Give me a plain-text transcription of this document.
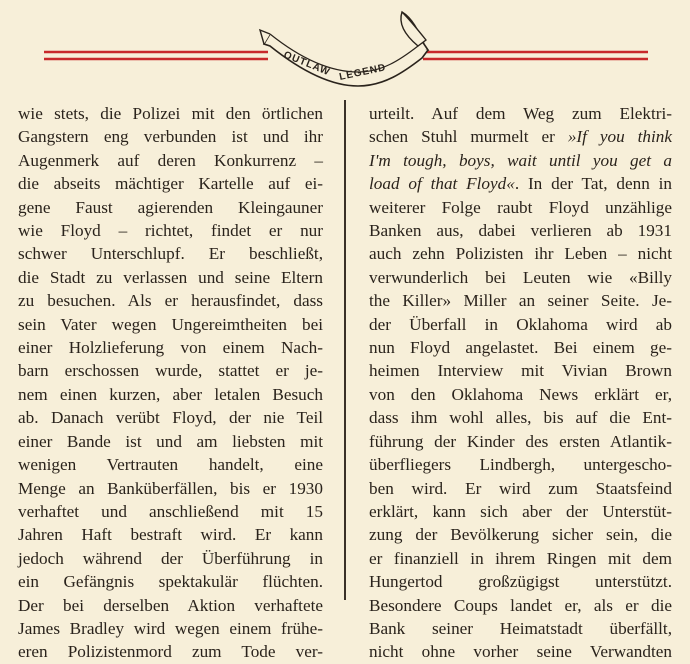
OUTLAW LEGEND
wie stets, die Polizei mit den örtlichen
Gangstern eng verbunden ist und ihr
Augenmerk auf deren Konkurrenz –
die abseits mächtiger Kartelle auf ei-
gene Faust agierenden Kleingauner
wie Floyd – richtet, findet er nur
schwer Unterschlupf. Er beschließt,
die Stadt zu verlassen und seine Eltern
zu besuchen. Als er herausfindet, dass
sein Vater wegen Ungereimtheiten bei
einer Holzlieferung von einem Nach-
barn erschossen wurde, stattet er je-
nem einen kurzen, aber letalen Besuch
ab. Danach verübt Floyd, der nie Teil
einer Bande ist und am liebsten mit
wenigen Vertrauten handelt, eine
Menge an Banküberfällen, bis er 1930
verhaftet und anschließend mit 15
Jahren Haft bestraft wird. Er kann
jedoch während der Überführung in
ein Gefängnis spektakulär flüchten.
Der bei derselben Aktion verhaftete
James Bradley wird wegen einem frühe-
eren Polizistenmord zum Tode ver-
urteilt. Auf dem Weg zum Elektri-
schen Stuhl murmelt er »If you think
I'm tough, boys, wait until you get a
load of that Floyd«. In der Tat, denn in
weiterer Folge raubt Floyd unzählige
Banken aus, dabei verlieren ab 1931
auch zehn Polizisten ihr Leben – nicht
verwunderlich bei Leuten wie «Billy
the Killer» Miller an seiner Seite. Je-
der Überfall in Oklahoma wird ab
nun Floyd angelastet. Bei einem ge-
heimen Interview mit Vivian Brown
von den Oklahoma News erklärt er,
dass ihm wohl alles, bis auf die Ent-
führung der Kinder des ersten Atlantik-
überfliegers Lindbergh, untergescho-
ben wird. Er wird zum Staatsfeind
erklärt, kann sich aber der Unterstüt-
zung der Bevölkerung sicher sein, die
er finanziell in ihrem Ringen mit dem
Hungertod großzügigst unterstützt.
Besondere Coups landet er, als er die
Bank seiner Heimatstadt überfällt,
nicht ohne vorher seine Verwandten
